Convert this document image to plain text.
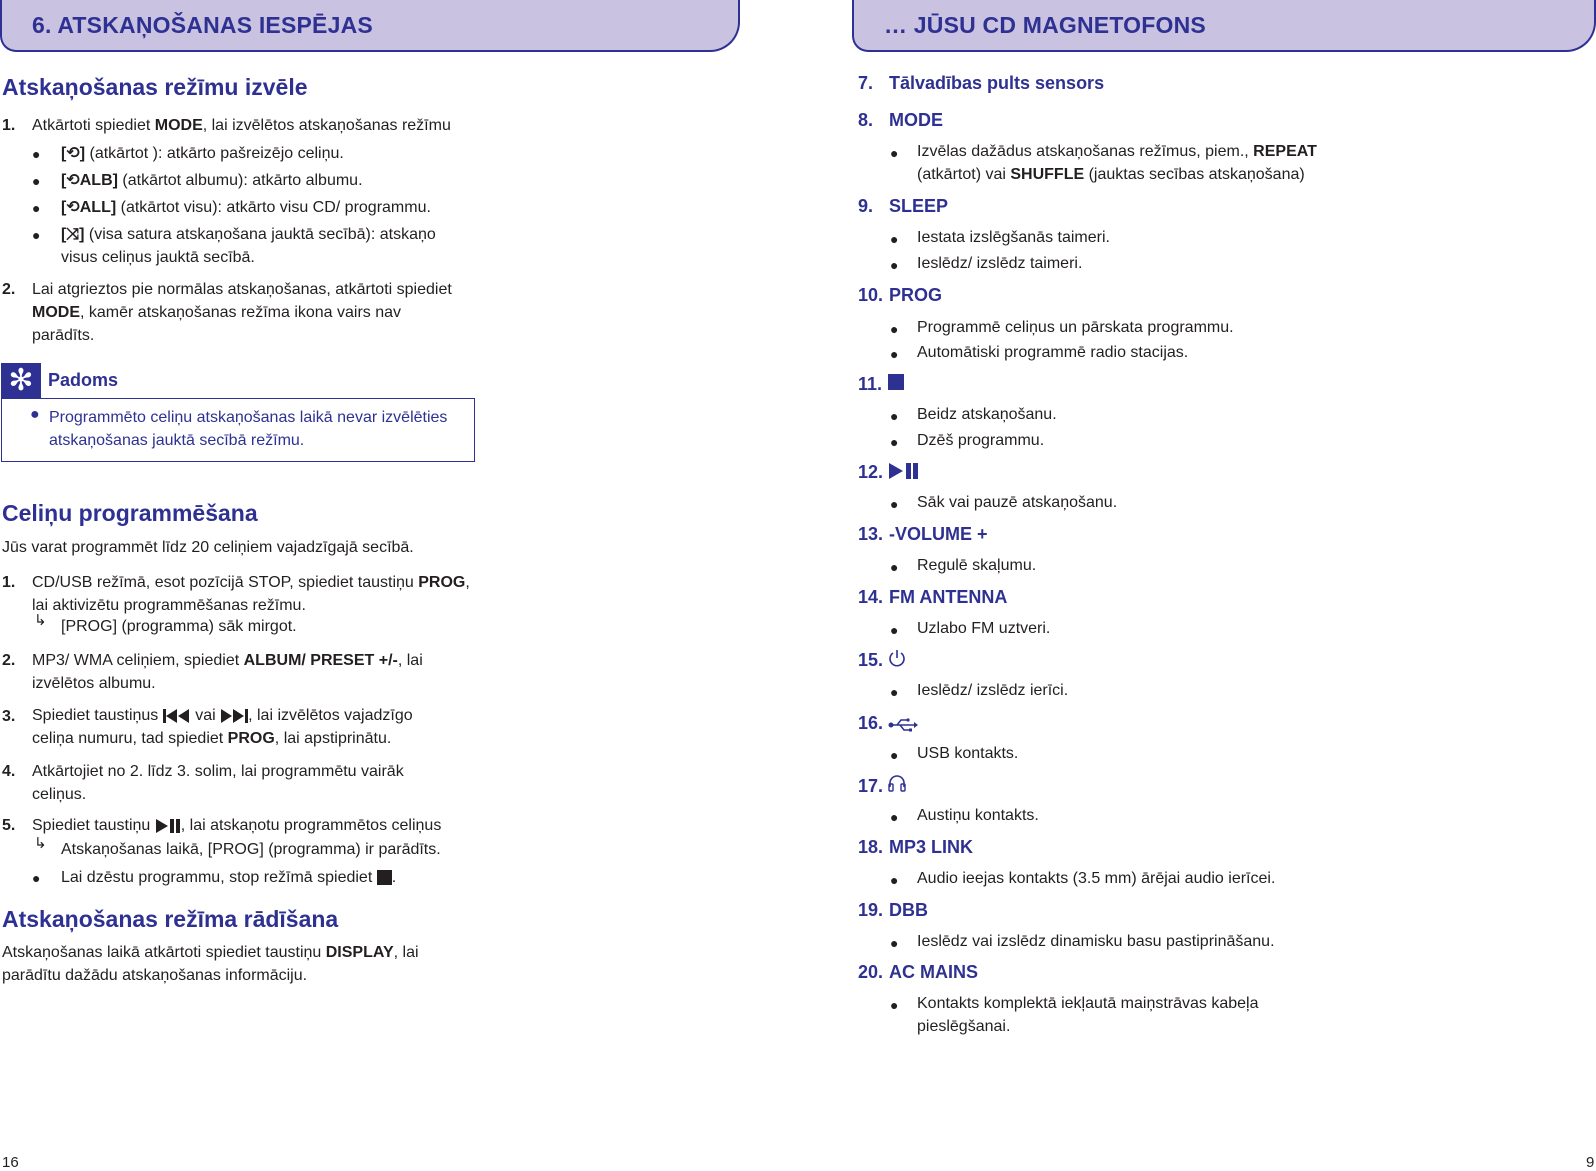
6. ATSKAŅOŠANAS IESPĒJAS
Atskaņošanas režīmu izvēle
1. Atkārtoti spiediet MODE, lai izvēlētos atskaņošanas režīmu
● [⟲] (atkārtot ): atkārto pašreizējo celiņu.
● [⟲ALB] (atkārtot albumu): atkārto albumu.
● [⟲ALL] (atkārtot visu): atkārto visu CD/ programmu.
● [⤨] (visa satura atskaņošana jauktā secībā): atskaņo
visus celiņus jauktā secībā.
2. Lai atgrieztos pie normālas atskaņošanas, atkārtoti spiediet
MODE, kamēr atskaņošanas režīma ikona vairs nav
parādīts.
✻ Padoms
● Programmēto celiņu atskaņošanas laikā nevar izvēlēties
atskaņošanas jauktā secībā režīmu.
Celiņu programmēšana
Jūs varat programmēt līdz 20 celiņiem vajadzīgajā secībā.
1. CD/USB režīmā, esot pozīcijā STOP, spiediet taustiņu PROG,
lai aktivizētu programmēšanas režīmu.
↳ [PROG] (programma) sāk mirgot.
2. MP3/ WMA celiņiem, spiediet ALBUM/ PRESET +/-, lai
izvēlētos albumu.
3. Spiediet taustiņus  vai , lai izvēlētos vajadzīgo
celiņa numuru, tad spiediet PROG, lai apstiprinātu.
4. Atkārtojiet no 2. līdz 3. solim, lai programmētu vairāk
celiņus.
5. Spiediet taustiņu , lai atskaņotu programmētos celiņus
↳ Atskaņošanas laikā, [PROG] (programma) ir parādīts.
● Lai dzēstu programmu, stop režīmā spiediet .
Atskaņošanas režīma rādīšana
Atskaņošanas laikā atkārtoti spiediet taustiņu DISPLAY, lai
parādītu dažādu atskaņošanas informāciju.
16
… JŪSU CD MAGNETOFONS
7. Tālvadības pults sensors
8. MODE
● Izvēlas dažādus atskaņošanas režīmus, piem., REPEAT
(atkārtot) vai SHUFFLE (jauktas secības atskaņošana)
9. SLEEP
● Iestata izslēgšanās taimeri.
● Ieslēdz/ izslēdz taimeri.
10. PROG
● Programmē celiņus un pārskata programmu.
● Automātiski programmē radio stacijas.
11.
● Beidz atskaņošanu.
● Dzēš programmu.
12.
● Sāk vai pauzē atskaņošanu.
13. -VOLUME +
● Regulē skaļumu.
14. FM ANTENNA
● Uzlabo FM uztveri.
15.
● Ieslēdz/ izslēdz ierīci.
16.
● USB kontakts.
17.
● Austiņu kontakts.
18. MP3 LINK
● Audio ieejas kontakts (3.5 mm) ārējai audio ierīcei.
19. DBB
● Ieslēdz vai izslēdz dinamisku basu pastiprināšanu.
20. AC MAINS
● Kontakts komplektā iekļautā maiņstrāvas kabeļa
pieslēgšanai.
9
